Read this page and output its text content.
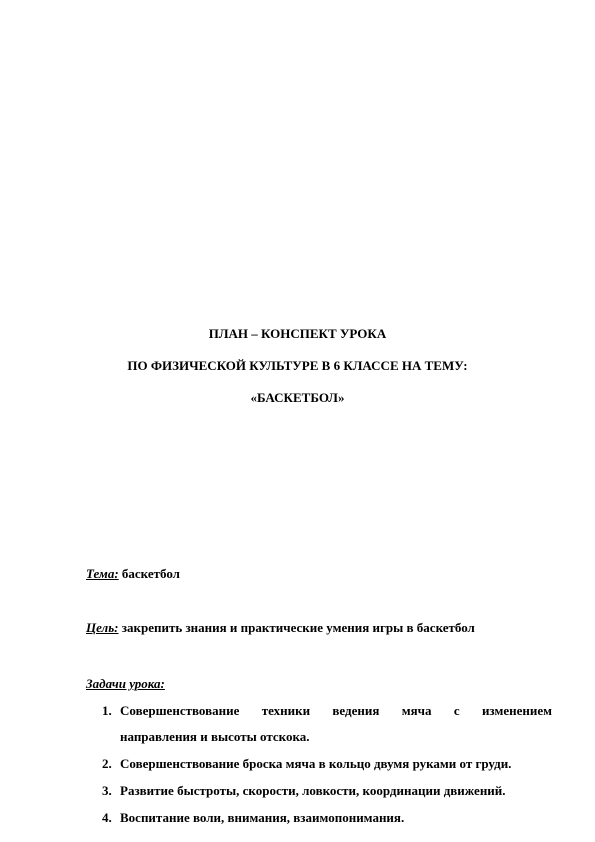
ПЛАН – КОНСПЕКТ УРОКА
ПО ФИЗИЧЕСКОЙ КУЛЬТУРЕ В 6 КЛАССЕ НА ТЕМУ:
«БАСКЕТБОЛ»
Тема: баскетбол
Цель: закрепить знания и практические умения игры в баскетбол
Задачи урока:
1. Совершенствование техники ведения мяча с изменением
направления и высоты отскока.
2. Совершенствование броска мяча в кольцо двумя руками от груди.
3. Развитие быстроты, скорости, ловкости, координации движений.
4. Воспитание воли, внимания, взаимопонимания.
